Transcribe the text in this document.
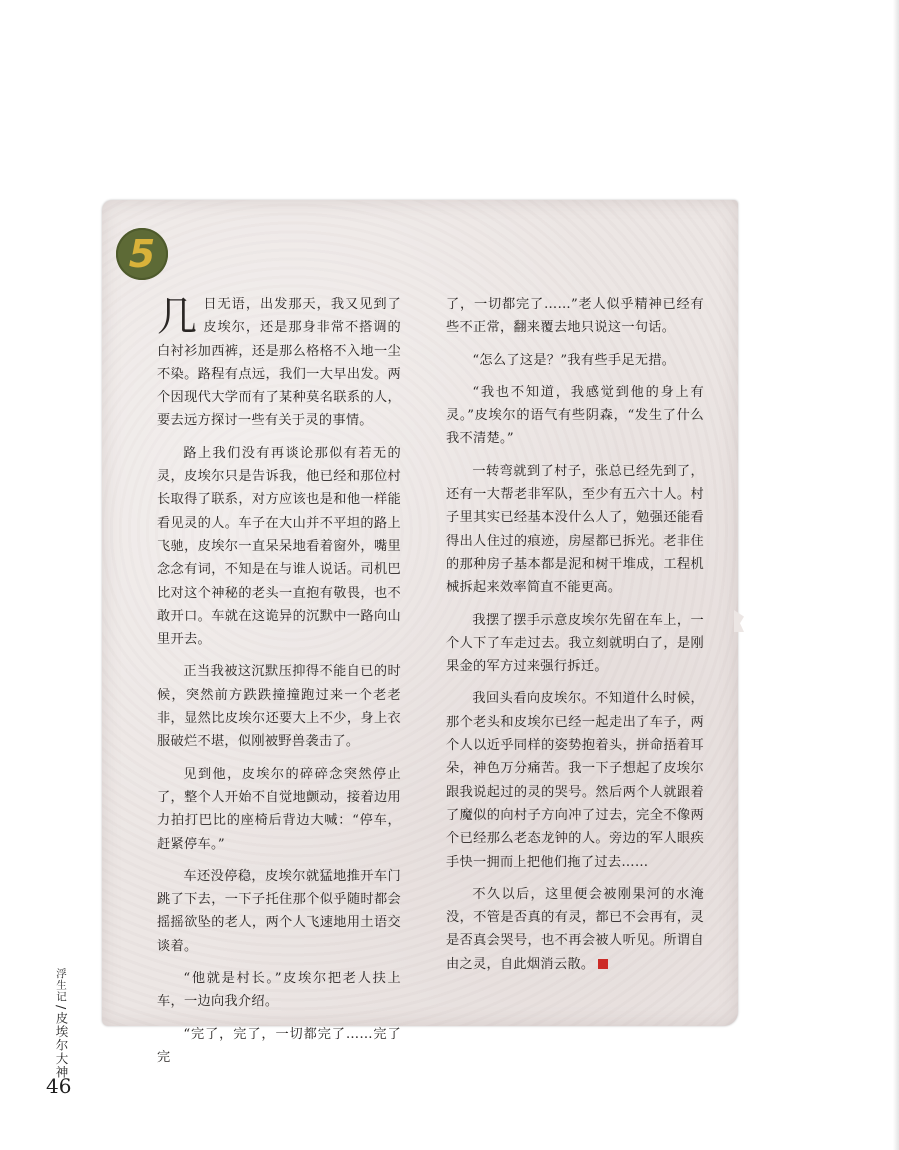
5

几日无语，出发那天，我又见到了皮埃尔，还是那身非常不搭调的白衬衫加西裤，还是那么格格不入地一尘不染。路程有点远，我们一大早出发。两个因现代大学而有了某种莫名联系的人，要去远方探讨一些有关于灵的事情。

路上我们没有再谈论那似有若无的灵，皮埃尔只是告诉我，他已经和那位村长取得了联系，对方应该也是和他一样能看见灵的人。车子在大山并不平坦的路上飞驰，皮埃尔一直呆呆地看着窗外，嘴里念念有词，不知是在与谁人说话。司机巴比对这个神秘的老头一直抱有敬畏，也不敢开口。车就在这诡异的沉默中一路向山里开去。

正当我被这沉默压抑得不能自已的时候，突然前方跌跌撞撞跑过来一个老老非，显然比皮埃尔还要大上不少，身上衣服破烂不堪，似刚被野兽袭击了。

见到他，皮埃尔的碎碎念突然停止了，整个人开始不自觉地颤动，接着边用力拍打巴比的座椅后背边大喊：“停车，赶紧停车。”

车还没停稳，皮埃尔就猛地推开车门跳了下去，一下子托住那个似乎随时都会摇摇欲坠的老人，两个人飞速地用土语交谈着。

“他就是村长。”皮埃尔把老人扶上车，一边向我介绍。

“完了，完了，一切都完了……完了完

了，一切都完了……”老人似乎精神已经有些不正常，翻来覆去地只说这一句话。

“怎么了这是？”我有些手足无措。

“我也不知道，我感觉到他的身上有灵。”皮埃尔的语气有些阴森，“发生了什么我不清楚。”

一转弯就到了村子，张总已经先到了，还有一大帮老非军队，至少有五六十人。村子里其实已经基本没什么人了，勉强还能看得出人住过的痕迹，房屋都已拆光。老非住的那种房子基本都是泥和树干堆成，工程机械拆起来效率简直不能更高。

我摆了摆手示意皮埃尔先留在车上，一个人下了车走过去。我立刻就明白了，是刚果金的军方过来强行拆迁。

我回头看向皮埃尔。不知道什么时候，那个老头和皮埃尔已经一起走出了车子，两个人以近乎同样的姿势抱着头，拼命捂着耳朵，神色万分痛苦。我一下子想起了皮埃尔跟我说起过的灵的哭号。然后两个人就跟着了魔似的向村子方向冲了过去，完全不像两个已经那么老态龙钟的人。旁边的军人眼疾手快一拥而上把他们拖了过去……

不久以后，这里便会被刚果河的水淹没，不管是否真的有灵，都已不会再有，灵是否真会哭号，也不再会被人听见。所谓自由之灵，自此烟消云散。

浮生记/皮埃尔大神
46
